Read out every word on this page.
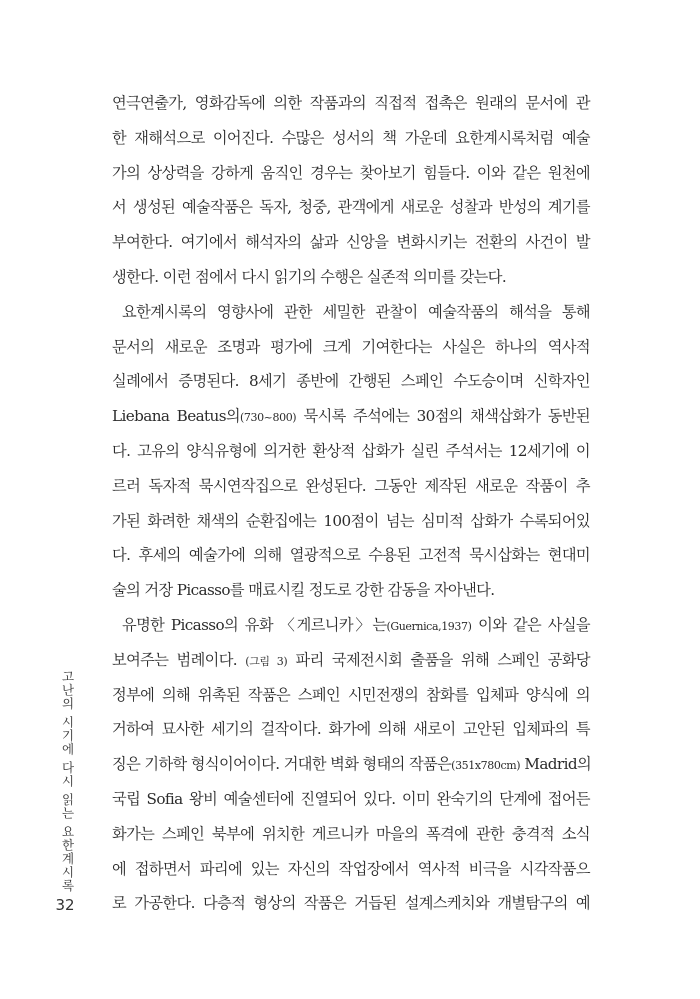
연극연출가, 영화감독에 의한 작품과의 직접적 접촉은 원래의 문서에 관
한 재해석으로 이어진다. 수많은 성서의 책 가운데 요한계시록처럼 예술
가의 상상력을 강하게 움직인 경우는 찾아보기 힘들다. 이와 같은 원천에
서 생성된 예술작품은 독자, 청중, 관객에게 새로운 성찰과 반성의 계기를
부여한다. 여기에서 해석자의 삶과 신앙을 변화시키는 전환의 사건이 발
생한다. 이런 점에서 다시 읽기의 수행은 실존적 의미를 갖는다.
요한계시록의 영향사에 관한 세밀한 관찰이 예술작품의 해석을 통해
문서의 새로운 조명과 평가에 크게 기여한다는 사실은 하나의 역사적
실례에서 증명된다. 8세기 종반에 간행된 스페인 수도승이며 신학자인
Liebana Beatus의(730~800) 묵시록 주석에는 30점의 채색삽화가 동반된
다. 고유의 양식유형에 의거한 환상적 삽화가 실린 주석서는 12세기에 이
르러 독자적 묵시연작집으로 완성된다. 그동안 제작된 새로운 작품이 추
가된 화려한 채색의 순환집에는 100점이 넘는 심미적 삽화가 수록되어있
다. 후세의 예술가에 의해 열광적으로 수용된 고전적 묵시삽화는 현대미
술의 거장 Picasso를 매료시킬 정도로 강한 감동을 자아낸다.
유명한 Picasso의 유화 〈게르니카〉는(Guernica,1937) 이와 같은 사실을
보여주는 범례이다. (그림 3) 파리 국제전시회 출품을 위해 스페인 공화당
정부에 의해 위촉된 작품은 스페인 시민전쟁의 참화를 입체파 양식에 의
거하여 묘사한 세기의 걸작이다. 화가에 의해 새로이 고안된 입체파의 특
징은 기하학 형식이어이다. 거대한 벽화 형태의 작품은(351x780cm) Madrid의
국립 Sofia 왕비 예술센터에 진열되어 있다. 이미 완숙기의 단계에 접어든
화가는 스페인 북부에 위치한 게르니카 마을의 폭격에 관한 충격적 소식
에 접하면서 파리에 있는 자신의 작업장에서 역사적 비극을 시각작품으
로 가공한다. 다층적 형상의 작품은 거듭된 설계스케치와 개별탐구의 예
고난의 시기에 다시 읽는 요한계시록
32
